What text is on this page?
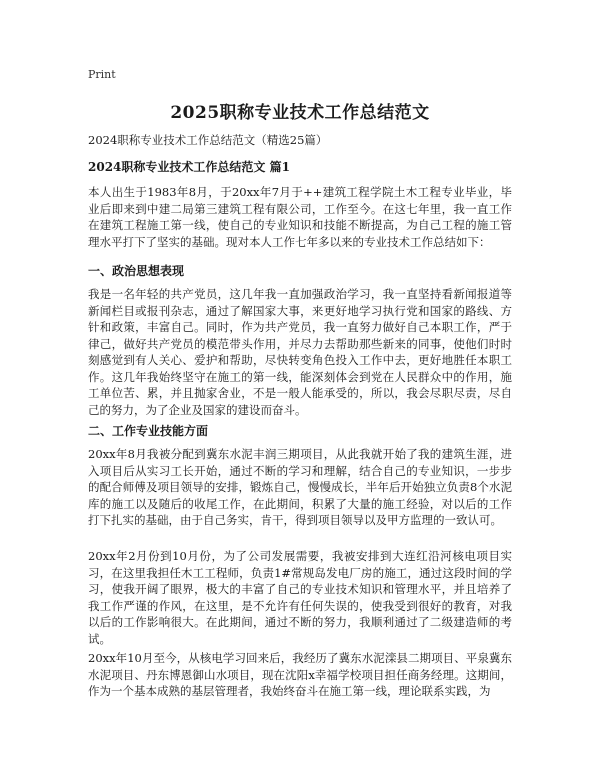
Print
2025职称专业技术工作总结范文
2024职称专业技术工作总结范文（精选25篇）
2024职称专业技术工作总结范文 篇1

本人出生于1983年8月，于20xx年7月于++建筑工程学院土木工程专业毕业，毕业后即来到中建二局第三建筑工程有限公司，工作至今。在这七年里，我一直工作在建筑工程施工第一线，使自己的专业知识和技能不断提高，为自己工程的施工管理水平打下了坚实的基础。现对本人工作七年多以来的专业技术工作总结如下：

一、政治思想表现

我是一名年轻的共产党员，这几年我一直加强政治学习，我一直坚持看新闻报道等新闻栏目或报刊杂志，通过了解国家大事，来更好地学习执行党和国家的路线、方针和政策，丰富自己。同时，作为共产党员，我一直努力做好自己本职工作，严于律己，做好共产党员的模范带头作用，并尽力去帮助那些新来的同事，使他们时时刻感觉到有人关心、爱护和帮助，尽快转变角色投入工作中去，更好地胜任本职工作。这几年我始终坚守在施工的第一线，能深刻体会到党在人民群众中的作用，施工单位苦、累，并且抛家舍业，不是一般人能承受的，所以，我会尽职尽责，尽自己的努力，为了企业及国家的建设而奋斗。

二、工作专业技能方面

20xx年8月我被分配到冀东水泥丰润三期项目，从此我就开始了我的建筑生涯，进入项目后从实习工长开始，通过不断的学习和理解，结合自己的专业知识，一步步的配合师傅及项目领导的安排，锻炼自己，慢慢成长，半年后开始独立负责8个水泥库的施工以及随后的收尾工作，在此期间，积累了大量的施工经验，对以后的工作打下扎实的基础，由于自己务实，肯干，得到项目领导以及甲方监理的一致认可。

20xx年2月份到10月份，为了公司发展需要，我被安排到大连红沿河核电项目实习，在这里我担任木工工程师，负责1#常规岛发电厂房的施工，通过这段时间的学习，使我开阔了眼界，极大的丰富了自己的专业技术知识和管理水平，并且培养了我工作严谨的作风，在这里，是不允许有任何失误的，使我受到很好的教育，对我以后的工作影响很大。在此期间，通过不断的努力，我顺利通过了二级建造师的考试。

20xx年10月至今，从核电学习回来后，我经历了冀东水泥滦县二期项目、平泉冀东水泥项目、丹东博恩御山水项目，现在沈阳x幸福学校项目担任商务经理。这期间，作为一个基本成熟的基层管理者，我始终奋斗在施工第一线，理论联系实践，为
